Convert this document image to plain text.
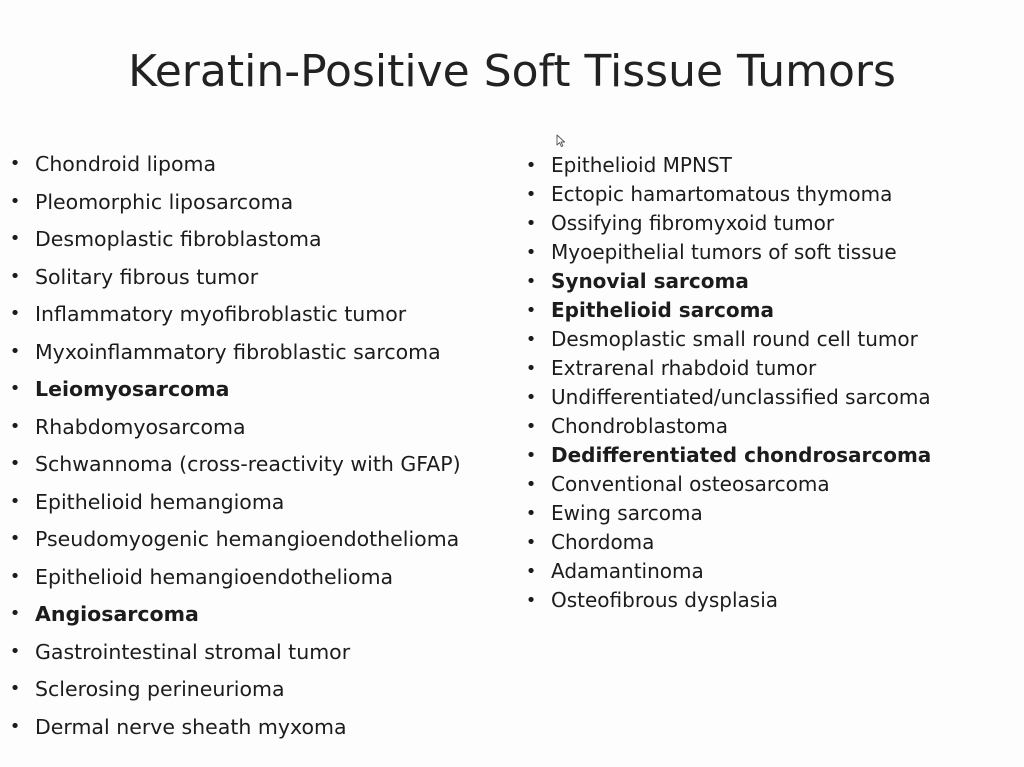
Keratin-Positive Soft Tissue Tumors
• Chondroid lipoma
• Pleomorphic liposarcoma
• Desmoplastic fibroblastoma
• Solitary fibrous tumor
• Inflammatory myofibroblastic tumor
• Myxoinflammatory fibroblastic sarcoma
• Leiomyosarcoma
• Rhabdomyosarcoma
• Schwannoma (cross-reactivity with GFAP)
• Epithelioid hemangioma
• Pseudomyogenic hemangioendothelioma
• Epithelioid hemangioendothelioma
• Angiosarcoma
• Gastrointestinal stromal tumor
• Sclerosing perineurioma
• Dermal nerve sheath myxoma
• Epithelioid MPNST
• Ectopic hamartomatous thymoma
• Ossifying fibromyxoid tumor
• Myoepithelial tumors of soft tissue
• Synovial sarcoma
• Epithelioid sarcoma
• Desmoplastic small round cell tumor
• Extrarenal rhabdoid tumor
• Undifferentiated/unclassified sarcoma
• Chondroblastoma
• Dedifferentiated chondrosarcoma
• Conventional osteosarcoma
• Ewing sarcoma
• Chordoma
• Adamantinoma
• Osteofibrous dysplasia
